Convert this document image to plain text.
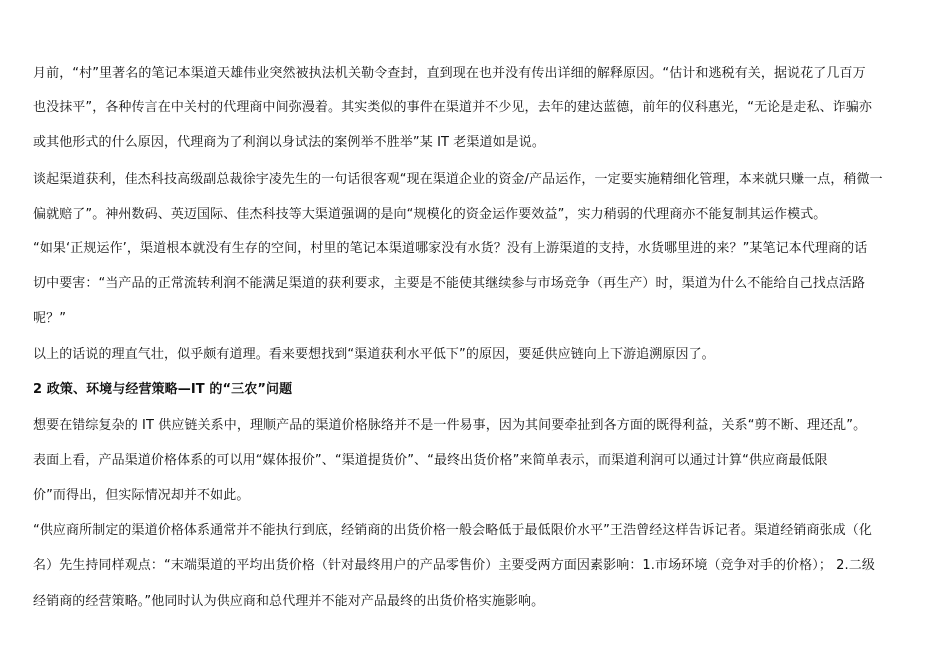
月前，“村”里著名的笔记本渠道天雄伟业突然被执法机关勒令查封，直到现在也并没有传出详细的解释原因。“估计和逃税有关，据说花了几百万
也没抹平”，各种传言在中关村的代理商中间弥漫着。其实类似的事件在渠道并不少见，去年的建达蓝德，前年的仪科惠光，“无论是走私、诈骗亦
或其他形式的什么原因，代理商为了利润以身试法的案例举不胜举”某 IT 老渠道如是说。
谈起渠道获利，佳杰科技高级副总裁徐宇凌先生的一句话很客观“现在渠道企业的资金/产品运作，一定要实施精细化管理，本来就只赚一点，稍微一
偏就赔了”。神州数码、英迈国际、佳杰科技等大渠道强调的是向“规模化的资金运作要效益”，实力稍弱的代理商亦不能复制其运作模式。
“如果‘正规运作’，渠道根本就没有生存的空间，村里的笔记本渠道哪家没有水货？没有上游渠道的支持，水货哪里进的来？”某笔记本代理商的话
切中要害：“当产品的正常流转利润不能满足渠道的获利要求，主要是不能使其继续参与市场竞争（再生产）时，渠道为什么不能给自己找点活路
呢？”
以上的话说的理直气壮，似乎颇有道理。看来要想找到“渠道获利水平低下”的原因，要延供应链向上下游追溯原因了。
2 政策、环境与经营策略—IT 的“三农”问题
想要在错综复杂的 IT 供应链关系中，理顺产品的渠道价格脉络并不是一件易事，因为其间要牵扯到各方面的既得利益，关系“剪不断、理还乱”。
表面上看，产品渠道价格体系的可以用“媒体报价”、“渠道提货价”、“最终出货价格”来简单表示，而渠道利润可以通过计算“供应商最低限
价”而得出，但实际情况却并不如此。
“供应商所制定的渠道价格体系通常并不能执行到底，经销商的出货价格一般会略低于最低限价水平”王浩曾经这样告诉记者。渠道经销商张成（化
名）先生持同样观点：“末端渠道的平均出货价格（针对最终用户的产品零售价）主要受两方面因素影响：1.市场环境（竞争对手的价格）； 2.二级
经销商的经营策略。”他同时认为供应商和总代理并不能对产品最终的出货价格实施影响。
